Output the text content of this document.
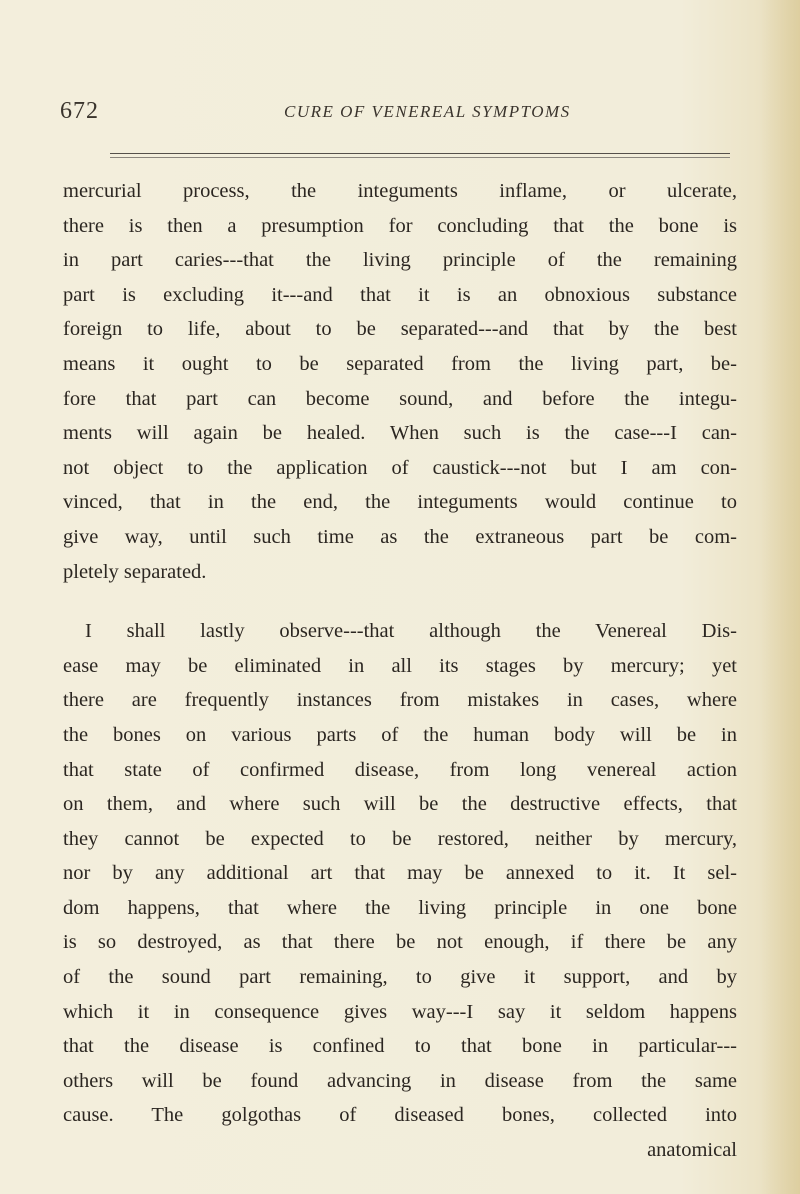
672	CURE OF VENEREAL SYMPTOMS
mercurial process, the integuments inflame, or ulcerate,
there is then a presumption for concluding that the bone is
in part caries---that the living principle of the remaining
part is excluding it---and that it is an obnoxious substance
foreign to life, about to be separated---and that by the best
means it ought to be separated from the living part, be-
fore that part can become sound, and before the integu-
ments will again be healed. When such is the case---I can-
not object to the application of caustick---not but I am con-
vinced, that in the end, the integuments would continue to
give way, until such time as the extraneous part be com-
pletely separated.
I shall lastly observe---that although the Venereal Dis-
ease may be eliminated in all its stages by mercury; yet
there are frequently instances from mistakes in cases, where
the bones on various parts of the human body will be in
that state of confirmed disease, from long venereal action
on them, and where such will be the destructive effects, that
they cannot be expected to be restored, neither by mercury,
nor by any additional art that may be annexed to it. It sel-
dom happens, that where the living principle in one bone
is so destroyed, as that there be not enough, if there be any
of the sound part remaining, to give it support, and by
which it in consequence gives way---I say it seldom happens
that the disease is confined to that bone in particular---
others will be found advancing in disease from the same
cause. The golgothas of diseased bones, collected into
anatomical
